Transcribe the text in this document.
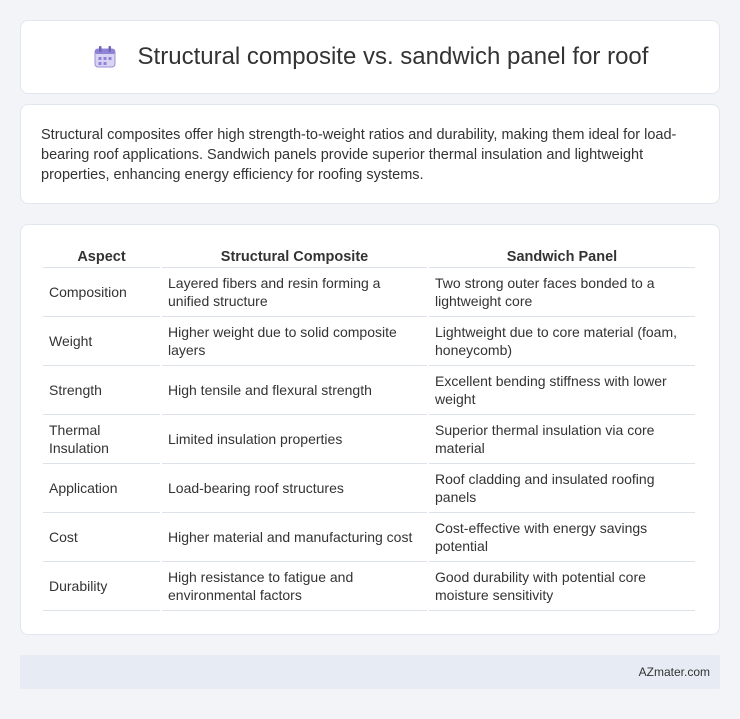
Structural composite vs. sandwich panel for roof

Structural composites offer high strength-to-weight ratios and durability, making them ideal for load-bearing roof applications. Sandwich panels provide superior thermal insulation and lightweight properties, enhancing energy efficiency for roofing systems.

Aspect	Structural Composite	Sandwich Panel
Composition	Layered fibers and resin forming a unified structure	Two strong outer faces bonded to a lightweight core
Weight	Higher weight due to solid composite layers	Lightweight due to core material (foam, honeycomb)
Strength	High tensile and flexural strength	Excellent bending stiffness with lower weight
Thermal Insulation	Limited insulation properties	Superior thermal insulation via core material
Application	Load-bearing roof structures	Roof cladding and insulated roofing panels
Cost	Higher material and manufacturing cost	Cost-effective with energy savings potential
Durability	High resistance to fatigue and environmental factors	Good durability with potential core moisture sensitivity
AZmater.com
